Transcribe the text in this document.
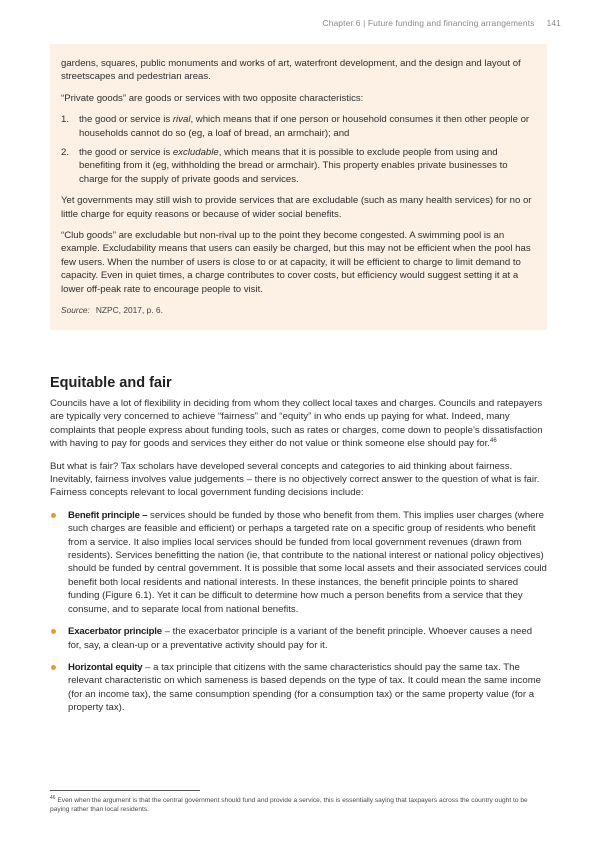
Chapter 6 | Future funding and financing arrangements 141

gardens, squares, public monuments and works of art, waterfront development, and the design and layout of streetscapes and pedestrian areas.

“Private goods” are goods or services with two opposite characteristics:

1. the good or service is rival, which means that if one person or household consumes it then other people or households cannot do so (eg, a loaf of bread, an armchair); and
2. the good or service is excludable, which means that it is possible to exclude people from using and benefiting from it (eg, withholding the bread or armchair). This property enables private businesses to charge for the supply of private goods and services.

Yet governments may still wish to provide services that are excludable (such as many health services) for no or little charge for equity reasons or because of wider social benefits.

“Club goods” are excludable but non-rival up to the point they become congested. A swimming pool is an example. Excludability means that users can easily be charged, but this may not be efficient when the pool has few users. When the number of users is close to or at capacity, it will be efficient to charge to limit demand to capacity. Even in quiet times, a charge contributes to cover costs, but efficiency would suggest setting it at a lower off-peak rate to encourage people to visit.

Source: NZPC, 2017, p. 6.

Equitable and fair

Councils have a lot of flexibility in deciding from whom they collect local taxes and charges. Councils and ratepayers are typically very concerned to achieve “fairness” and “equity” in who ends up paying for what. Indeed, many complaints that people express about funding tools, such as rates or charges, come down to people’s dissatisfaction with having to pay for goods and services they either do not value or think someone else should pay for.$^{46}$

But what is fair? Tax scholars have developed several concepts and categories to aid thinking about fairness. Inevitably, fairness involves value judgements – there is no objectively correct answer to the question of what is fair. Fairness concepts relevant to local government funding decisions include:

Benefit principle – services should be funded by those who benefit from them. This implies user charges (where such charges are feasible and efficient) or perhaps a targeted rate on a specific group of residents who benefit from a service. It also implies local services should be funded from local government revenues (drawn from residents). Services benefitting the nation (ie, that contribute to the national interest or national policy objectives) should be funded by central government. It is possible that some local assets and their associated services could benefit both local residents and national interests. In these instances, the benefit principle points to shared funding (Figure 6.1). Yet it can be difficult to determine how much a person benefits from a service that they consume, and to separate local from national benefits.
Exacerbator principle – the exacerbator principle is a variant of the benefit principle. Whoever causes a need for, say, a clean-up or a preventative activity should pay for it.
Horizontal equity – a tax principle that citizens with the same characteristics should pay the same tax. The relevant characteristic on which sameness is based depends on the type of tax. It could mean the same income (for an income tax), the same consumption spending (for a consumption tax) or the same property value (for a property tax).
$^{46}$ Even when the argument is that the central government should fund and provide a service, this is essentially saying that taxpayers across the country ought to be paying rather than local residents.
